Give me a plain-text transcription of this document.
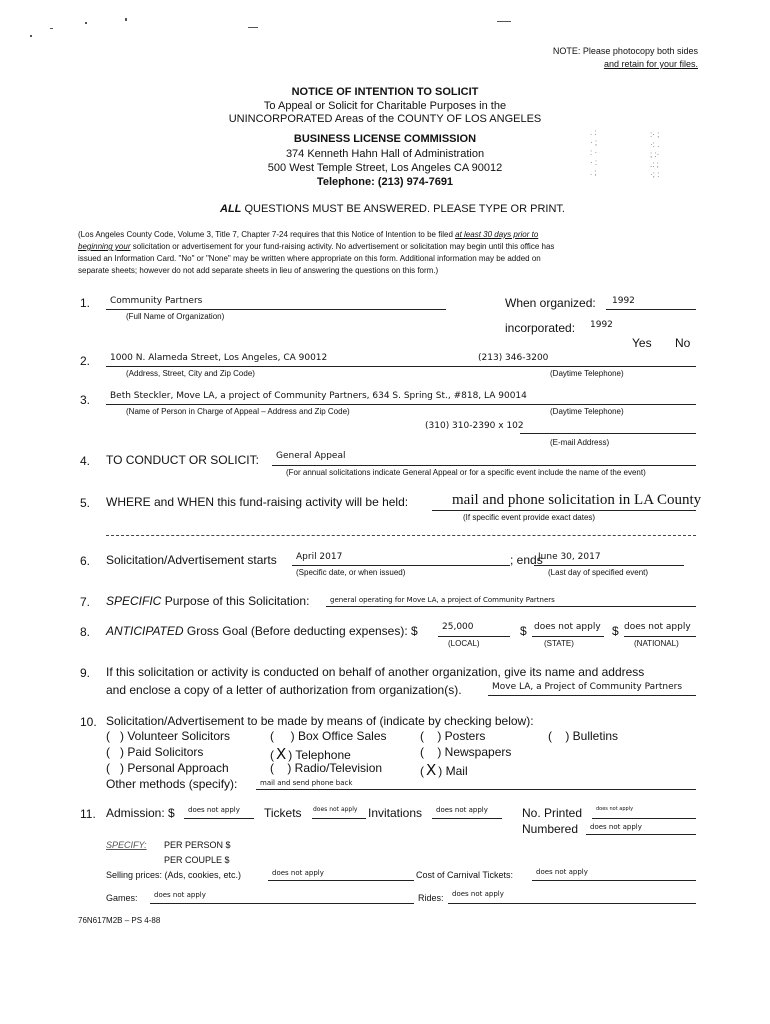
NOTE: Please photocopy both sides
and retain for your files.
NOTICE OF INTENTION TO SOLICIT
To Appeal or Solicit for Charitable Purposes in the
UNINCORPORATED Areas of the COUNTY OF LOS ANGELES
BUSINESS LICENSE COMMISSION
374 Kenneth Hahn Hall of Administration
500 West Temple Street, Los Angeles CA 90012
Telephone: (213) 974-7691
. :
· ;
: ·
· :
. ;
:· ;
·: .
; :·
.: ;
·; :
ALL QUESTIONS MUST BE ANSWERED. PLEASE TYPE OR PRINT.
(Los Angeles County Code, Volume 3, Title 7, Chapter 7-24 requires that this Notice of Intention to be filed at least 30 days prior to
beginning your solicitation or advertisement for your fund-raising activity. No advertisement or solicitation may begin until this office has
issued an Information Card. "No" or "None" may be written where appropriate on this form. Additional information may be added on
separate sheets; however do not add separate sheets in lieu of answering the questions on this form.)
1. Community Partners
(Full Name of Organization)
When organized: 1992
incorporated: 1992
Yes No
2. 1000 N. Alameda Street, Los Angeles, CA 90012	(213) 346-3200
(Address, Street, City and Zip Code)	(Daytime Telephone)
3. Beth Steckler, Move LA, a project of Community Partners, 634 S. Spring St., #818, LA 90014
(Name of Person in Charge of Appeal – Address and Zip Code)	(Daytime Telephone)
(310) 310-2390 x 102
(E-mail Address)
4. TO CONDUCT OR SOLICIT: General Appeal
(For annual solicitations indicate General Appeal or for a specific event include the name of the event)
5. WHERE and WHEN this fund-raising activity will be held:	mail and phone solicitation in LA County
(If specific event provide exact dates)
6. Solicitation/Advertisement starts April 2017	; ends
June 30, 2017
(Specific date, or when issued)	(Last day of specified event)
7. SPECIFIC Purpose of this Solicitation:	general operating for Move LA, a project of Community Partners
8. ANTICIPATED Gross Goal (Before deducting expenses): $	25,000	$ does not apply $ does not apply
(LOCAL)	(STATE)	(NATIONAL)
9. If this solicitation or activity is conducted on behalf of another organization, give its name and address
and enclose a copy of a letter of authorization from organization(s).	Move LA, a Project of Community Partners
10. Solicitation/Advertisement to be made by means of (indicate by checking below):
(   ) Volunteer Solicitors	(     ) Box Office Sales	(    ) Posters	(    ) Bulletins
(   ) Paid Solicitors	( X ) Telephone	(    ) Newspapers
(   ) Personal Approach	(    ) Radio/Television	( X ) Mail
Other methods (specify):	mail and send phone back
11. Admission: $ does not apply Tickets does not apply Invitations does not apply	No. Printed	does not apply
Numbered does not apply
SPECIFY: PER PERSON $
PER COUPLE $
Selling prices: (Ads, cookies, etc.)	does not apply	Cost of Carnival Tickets:	does not apply
Games: does not apply	Rides: does not apply
76N617M2B – PS 4-88
